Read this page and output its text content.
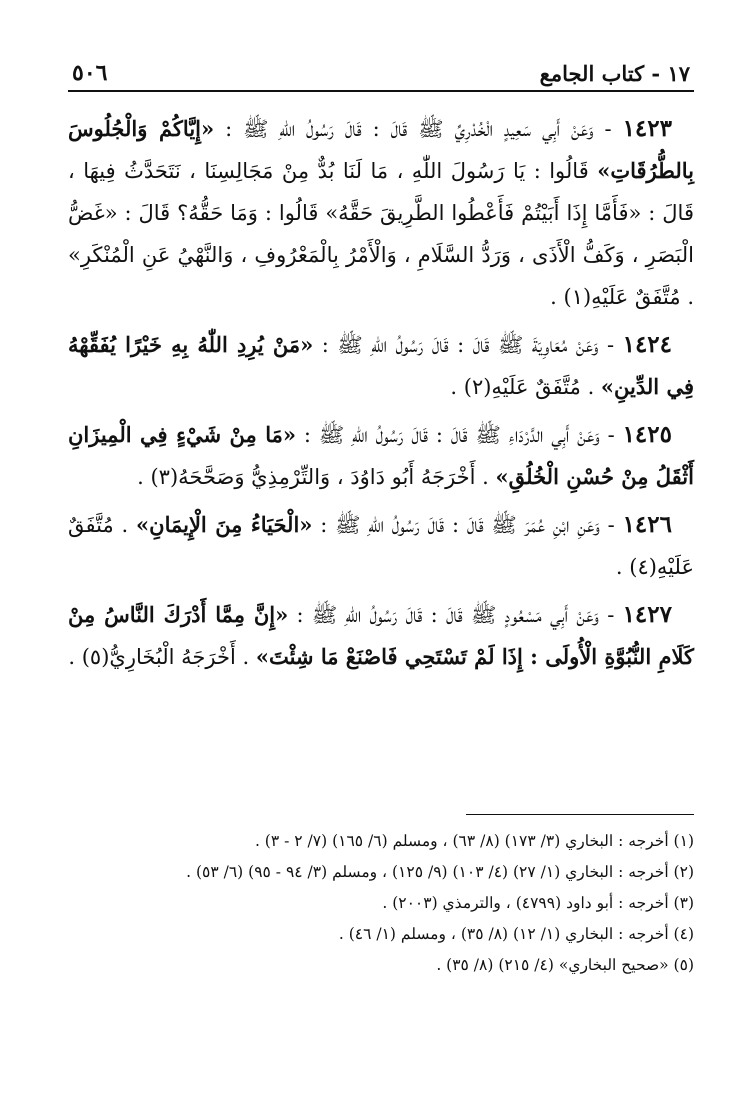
١٧ - كتاب الجامع
٥٠٦

١٤٢٣ - وَعَنْ أَبِي سَعِيدٍ الْخُدْرِيِّ ﷺ قَالَ : قَالَ رَسُولُ اللّٰهِ ﷺ : «إِيَّاكُمْ وَالْجُلُوسَ بِالطُّرُقَاتِ» قَالُوا : يَا رَسُولَ اللّٰهِ ، مَا لَنَا بُدٌّ مِنْ مَجَالِسِنَا ، نَتَحَدَّثُ فِيهَا ، قَالَ : «فَأَمَّا إِذَا أَبَيْتُمْ فَأَعْطُوا الطَّرِيقَ حَقَّهُ» قَالُوا : وَمَا حَقُّهُ؟ قَالَ : «غَضُّ الْبَصَرِ ، وَكَفُّ الْأَذَى ، وَرَدُّ السَّلَامِ ، وَالْأَمْرُ بِالْمَعْرُوفِ ، وَالنَّهْيُ عَنِ الْمُنْكَرِ» . مُتَّفَقٌ عَلَيْهِ(١) .

١٤٢٤ - وَعَنْ مُعَاوِيَةَ ﷺ قَالَ : قَالَ رَسُولُ اللّٰهِ ﷺ : «مَنْ يُرِدِ اللّٰهُ بِهِ خَيْرًا يُفَقِّهْهُ فِي الدِّينِ» . مُتَّفَقٌ عَلَيْهِ(٢) .

١٤٢٥ - وَعَنْ أَبِي الدَّرْدَاءِ ﷺ قَالَ : قَالَ رَسُولُ اللّٰهِ ﷺ : «مَا مِنْ شَيْءٍ فِي الْمِيزَانِ أَثْقَلُ مِنْ حُسْنِ الْخُلُقِ» . أَخْرَجَهُ أَبُو دَاوُدَ ، وَالتِّرْمِذِيُّ وَصَحَّحَهُ(٣) .

١٤٢٦ - وَعَنِ ابْنِ عُمَرَ ﷺ قَالَ : قَالَ رَسُولُ اللّٰهِ ﷺ : «الْحَيَاءُ مِنَ الْإِيمَانِ» . مُتَّفَقٌ عَلَيْهِ(٤) .

١٤٢٧ - وَعَنْ أَبِي مَسْعُودٍ ﷺ قَالَ : قَالَ رَسُولُ اللّٰهِ ﷺ : «إِنَّ مِمَّا أَدْرَكَ النَّاسُ مِنْ كَلَامِ النُّبُوَّةِ الْأُولَى : إِذَا لَمْ تَسْتَحِي فَاصْنَعْ مَا شِئْتَ» . أَخْرَجَهُ الْبُخَارِيُّ(٥) .

(١) أخرجه : البخاري (٣/ ١٧٣) (٨/ ٦٣) ، ومسلم (٦/ ١٦٥) (٧/ ٢ - ٣) .
(٢) أخرجه : البخاري (١/ ٢٧) (٤/ ١٠٣) (٩/ ١٢٥) ، ومسلم (٣/ ٩٤ - ٩٥) (٦/ ٥٣) .
(٣) أخرجه : أبو داود (٤٧٩٩) ، والترمذي (٢٠٠٣) .
(٤) أخرجه : البخاري (١/ ١٢) (٨/ ٣٥) ، ومسلم (١/ ٤٦) .
(٥) «صحيح البخاري» (٤/ ٢١٥) (٨/ ٣٥) .
